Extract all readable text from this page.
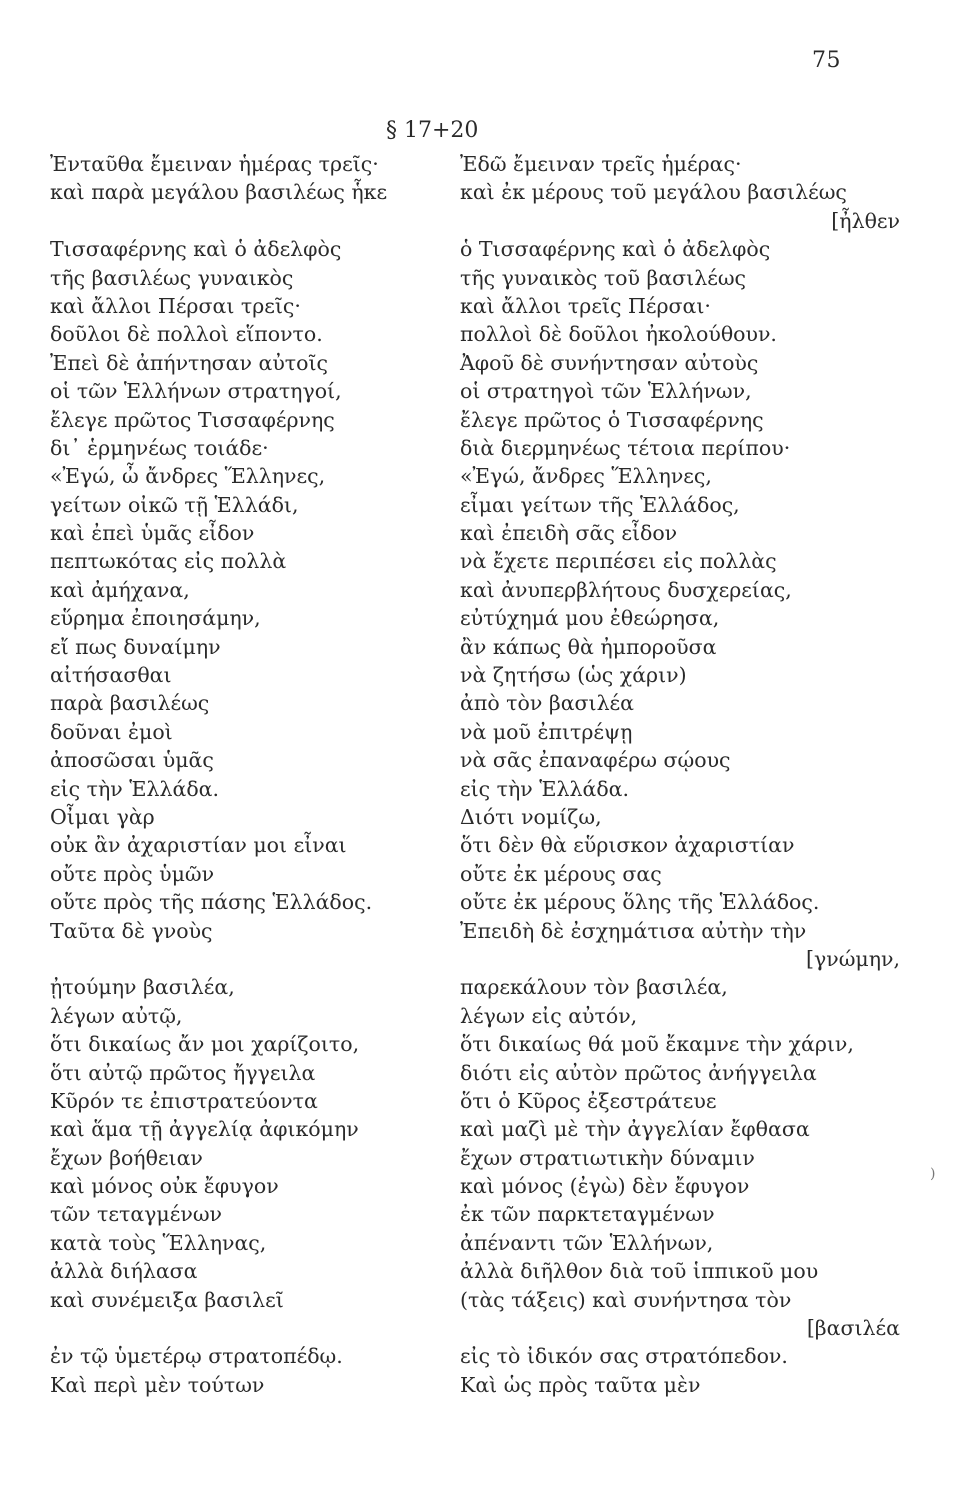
75
§ 17+20
Ἐνταῦθα ἔμειναν ἡμέρας τρεῖς·
καὶ παρὰ μεγάλου βασιλέως ἧκε
Τισσαφέρνης καὶ ὁ ἀδελφὸς
τῆς βασιλέως γυναικὸς
καὶ ἄλλοι Πέρσαι τρεῖς·
δοῦλοι δὲ πολλοὶ εἵποντο.
Ἐπεὶ δὲ ἀπήντησαν αὐτοῖς
οἱ τῶν Ἑλλήνων στρατηγοί,
ἔλεγε πρῶτος Τισσαφέρνης
δι᾽ ἑρμηνέως τοιάδε·
«Ἐγώ, ὦ ἄνδρες Ἕλληνες,
γείτων οἰκῶ τῇ Ἑλλάδι,
καὶ ἐπεὶ ὑμᾶς εἶδον
πεπτωκότας εἰς πολλὰ
καὶ ἀμήχανα,
εὕρημα ἐποιησάμην,
εἴ πως δυναίμην
αἰτήσασθαι
παρὰ βασιλέως
δοῦναι ἐμοὶ
ἀποσῶσαι ὑμᾶς
εἰς τὴν Ἑλλάδα.
Οἶμαι γὰρ
οὐκ ἂν ἀχαριστίαν μοι εἶναι
οὔτε πρὸς ὑμῶν
οὔτε πρὸς τῆς πάσης Ἑλλάδος.
Ταῦτα δὲ γνοὺς
ᾐτούμην βασιλέα,
λέγων αὐτῷ,
ὅτι δικαίως ἄν μοι χαρίζοιτο,
ὅτι αὐτῷ πρῶτος ἤγγειλα
Κῦρόν τε ἐπιστρατεύοντα
καὶ ἅμα τῇ ἀγγελίᾳ ἀφικόμην
ἔχων βοήθειαν
καὶ μόνος οὐκ ἔφυγον
τῶν τεταγμένων
κατὰ τοὺς Ἕλληνας,
ἀλλὰ διήλασα
καὶ συνέμειξα βασιλεῖ
ἐν τῷ ὑμετέρῳ στρατοπέδῳ.
Καὶ περὶ μὲν τούτων
Ἐδῶ ἔμειναν τρεῖς ἡμέρας·
καὶ ἐκ μέρους τοῦ μεγάλου βασιλέως
[ἦλθεν
ὁ Τισσαφέρνης καὶ ὁ ἀδελφὸς
τῆς γυναικὸς τοῦ βασιλέως
καὶ ἄλλοι τρεῖς Πέρσαι·
πολλοὶ δὲ δοῦλοι ἠκολούθουν.
Ἀφοῦ δὲ συνήντησαν αὐτοὺς
οἱ στρατηγοὶ τῶν Ἑλλήνων,
ἔλεγε πρῶτος ὁ Τισσαφέρνης
διὰ διερμηνέως τέτοια περίπου·
«Ἐγώ, ἄνδρες Ἕλληνες,
εἶμαι γείτων τῆς Ἑλλάδος,
καὶ ἐπειδὴ σᾶς εἶδον
νὰ ἔχετε περιπέσει εἰς πολλὰς
καὶ ἀνυπερβλήτους δυσχερείας,
εὐτύχημά μου ἐθεώρησα,
ἂν κάπως θὰ ἠμποροῦσα
νὰ ζητήσω (ὡς χάριν)
ἀπὸ τὸν βασιλέα
νὰ μοῦ ἐπιτρέψῃ
νὰ σᾶς ἐπαναφέρω σῴους
εἰς τὴν Ἑλλάδα.
Διότι νομίζω,
ὅτι δὲν θὰ εὕρισκον ἀχαριστίαν
οὔτε ἐκ μέρους σας
οὔτε ἐκ μέρους ὅλης τῆς Ἑλλάδος.
Ἐπειδὴ δὲ ἐσχημάτισα αὐτὴν τὴν
[γνώμην,
παρεκάλουν τὸν βασιλέα,
λέγων εἰς αὐτόν,
ὅτι δικαίως θά μοῦ ἔκαμνε τὴν χάριν,
διότι εἰς αὐτὸν πρῶτος ἀνήγγειλα
ὅτι ὁ Κῦρος ἐξεστράτευε
καὶ μαζὶ μὲ τὴν ἀγγελίαν ἔφθασα
ἔχων στρατιωτικὴν δύναμιν
καὶ μόνος (ἐγὼ) δὲν ἔφυγον
ἐκ τῶν παρκτεταγμένων
ἀπέναντι τῶν Ἑλλήνων,
ἀλλὰ διῆλθον διὰ τοῦ ἱππικοῦ μου
(τὰς τάξεις) καὶ συνήντησα τὸν
[βασιλέα
εἰς τὸ ἰδικόν σας στρατόπεδον.
Καὶ ὡς πρὸς ταῦτα μὲν
)
